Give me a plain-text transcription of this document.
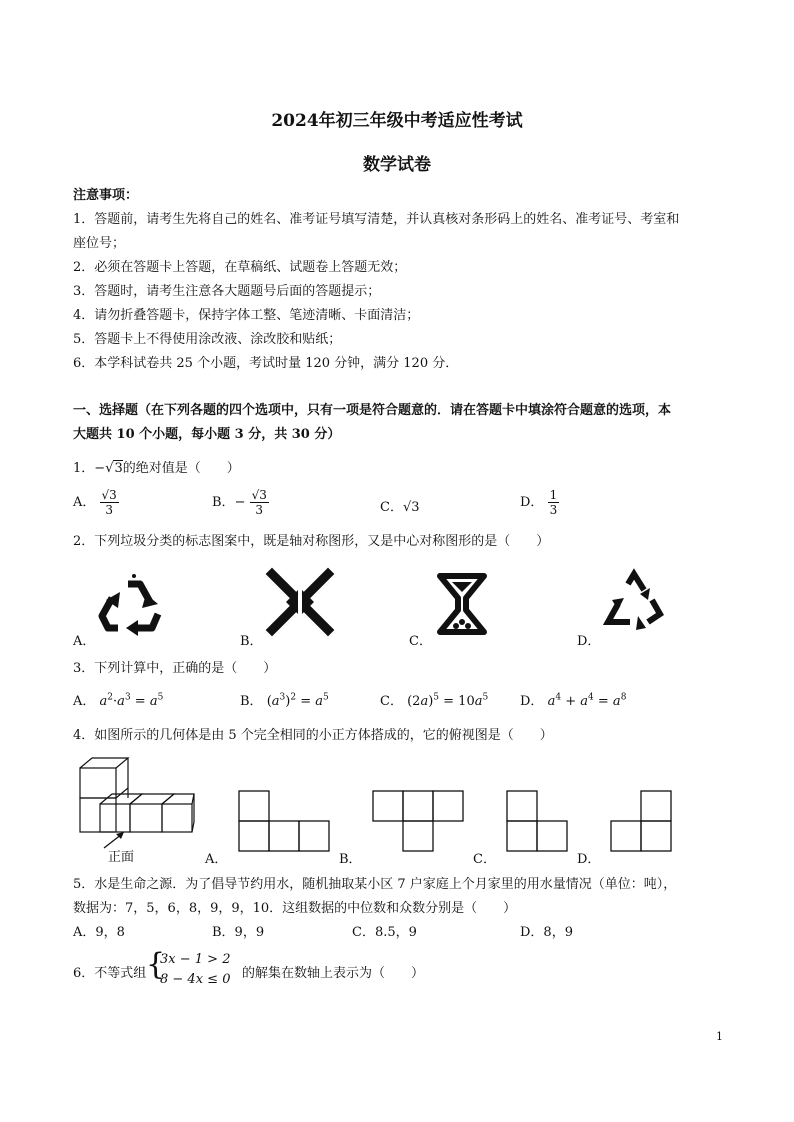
2024年初三年级中考适应性考试
数学试卷
注意事项：
1．答题前，请考生先将自己的姓名、准考证号填写清楚，并认真核对条形码上的姓名、准考证号、考室和
座位号；
2．必须在答题卡上答题，在草稿纸、试题卷上答题无效；
3．答题时，请考生注意各大题题号后面的答题提示；
4．请勿折叠答题卡，保持字体工整、笔迹清晰、卡面清洁；
5．答题卡上不得使用涂改液、涂改胶和贴纸；
6．本学科试卷共 25 个小题，考试时量 120 分钟，满分 120 分．
一、选择题（在下列各题的四个选项中，只有一项是符合题意的．请在答题卡中填涂符合题意的选项，本
大题共 10 个小题，每小题 3 分，共 30 分）
1．−√3的绝对值是（　　）
A． $\frac{√3}{3}$	B．− $\frac{√3}{3}$	C．√3	D． $\frac{1}{3}$
2．下列垃圾分类的标志图案中，既是轴对称图形，又是中心对称图形的是（　　）
A．	B．	C．	D．
3．下列计算中，正确的是（　　）
A． $a^2\cdot a^3 = a^5$	B． $(a^3)^2 = a^5$	C． $(2a)^5 = 10a^5$ D． $a^4 + a^4 = a^8$
4．如图所示的几何体是由 5 个完全相同的小正方体搭成的，它的俯视图是（　　）
正面	A．	B．	C．	D．
5．水是生命之源．为了倡导节约用水，随机抽取某小区 7 户家庭上个月家里的用水量情况（单位：吨），
数据为：7，5，6，8，9，9，10．这组数据的中位数和众数分别是（　　）
A．9，8	B．9，9	C．8.5，9	D．8，9
6．不等式组 {
3x − 1 > 2
8 − 4x ≤ 0 的解集在数轴上表示为（　　）
1
